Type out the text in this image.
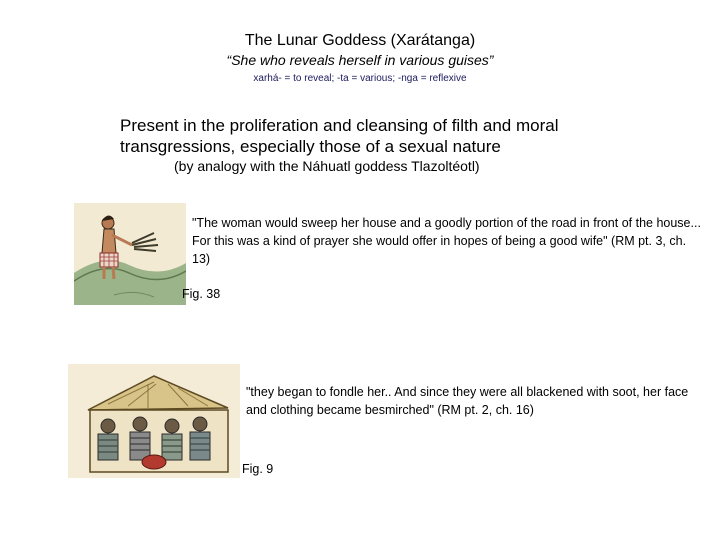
The Lunar Goddess (Xarátanga)
“She who reveals herself in various guises”
xarhá- = to reveal; -ta = various; -nga = reflexive
Present in the proliferation and cleansing of filth and moral transgressions, especially those of a sexual nature
(by analogy with the Náhuatl goddess Tlazoltéotl)
"The woman would sweep her house and a goodly portion of the road in front of the house... For this was a kind of prayer she would offer in hopes of being a good wife" (RM pt. 3, ch. 13)
Fig. 38
"they began to fondle her.. And since they were all blackened with soot, her face and clothing became besmirched" (RM pt. 2, ch. 16)
Fig. 9
